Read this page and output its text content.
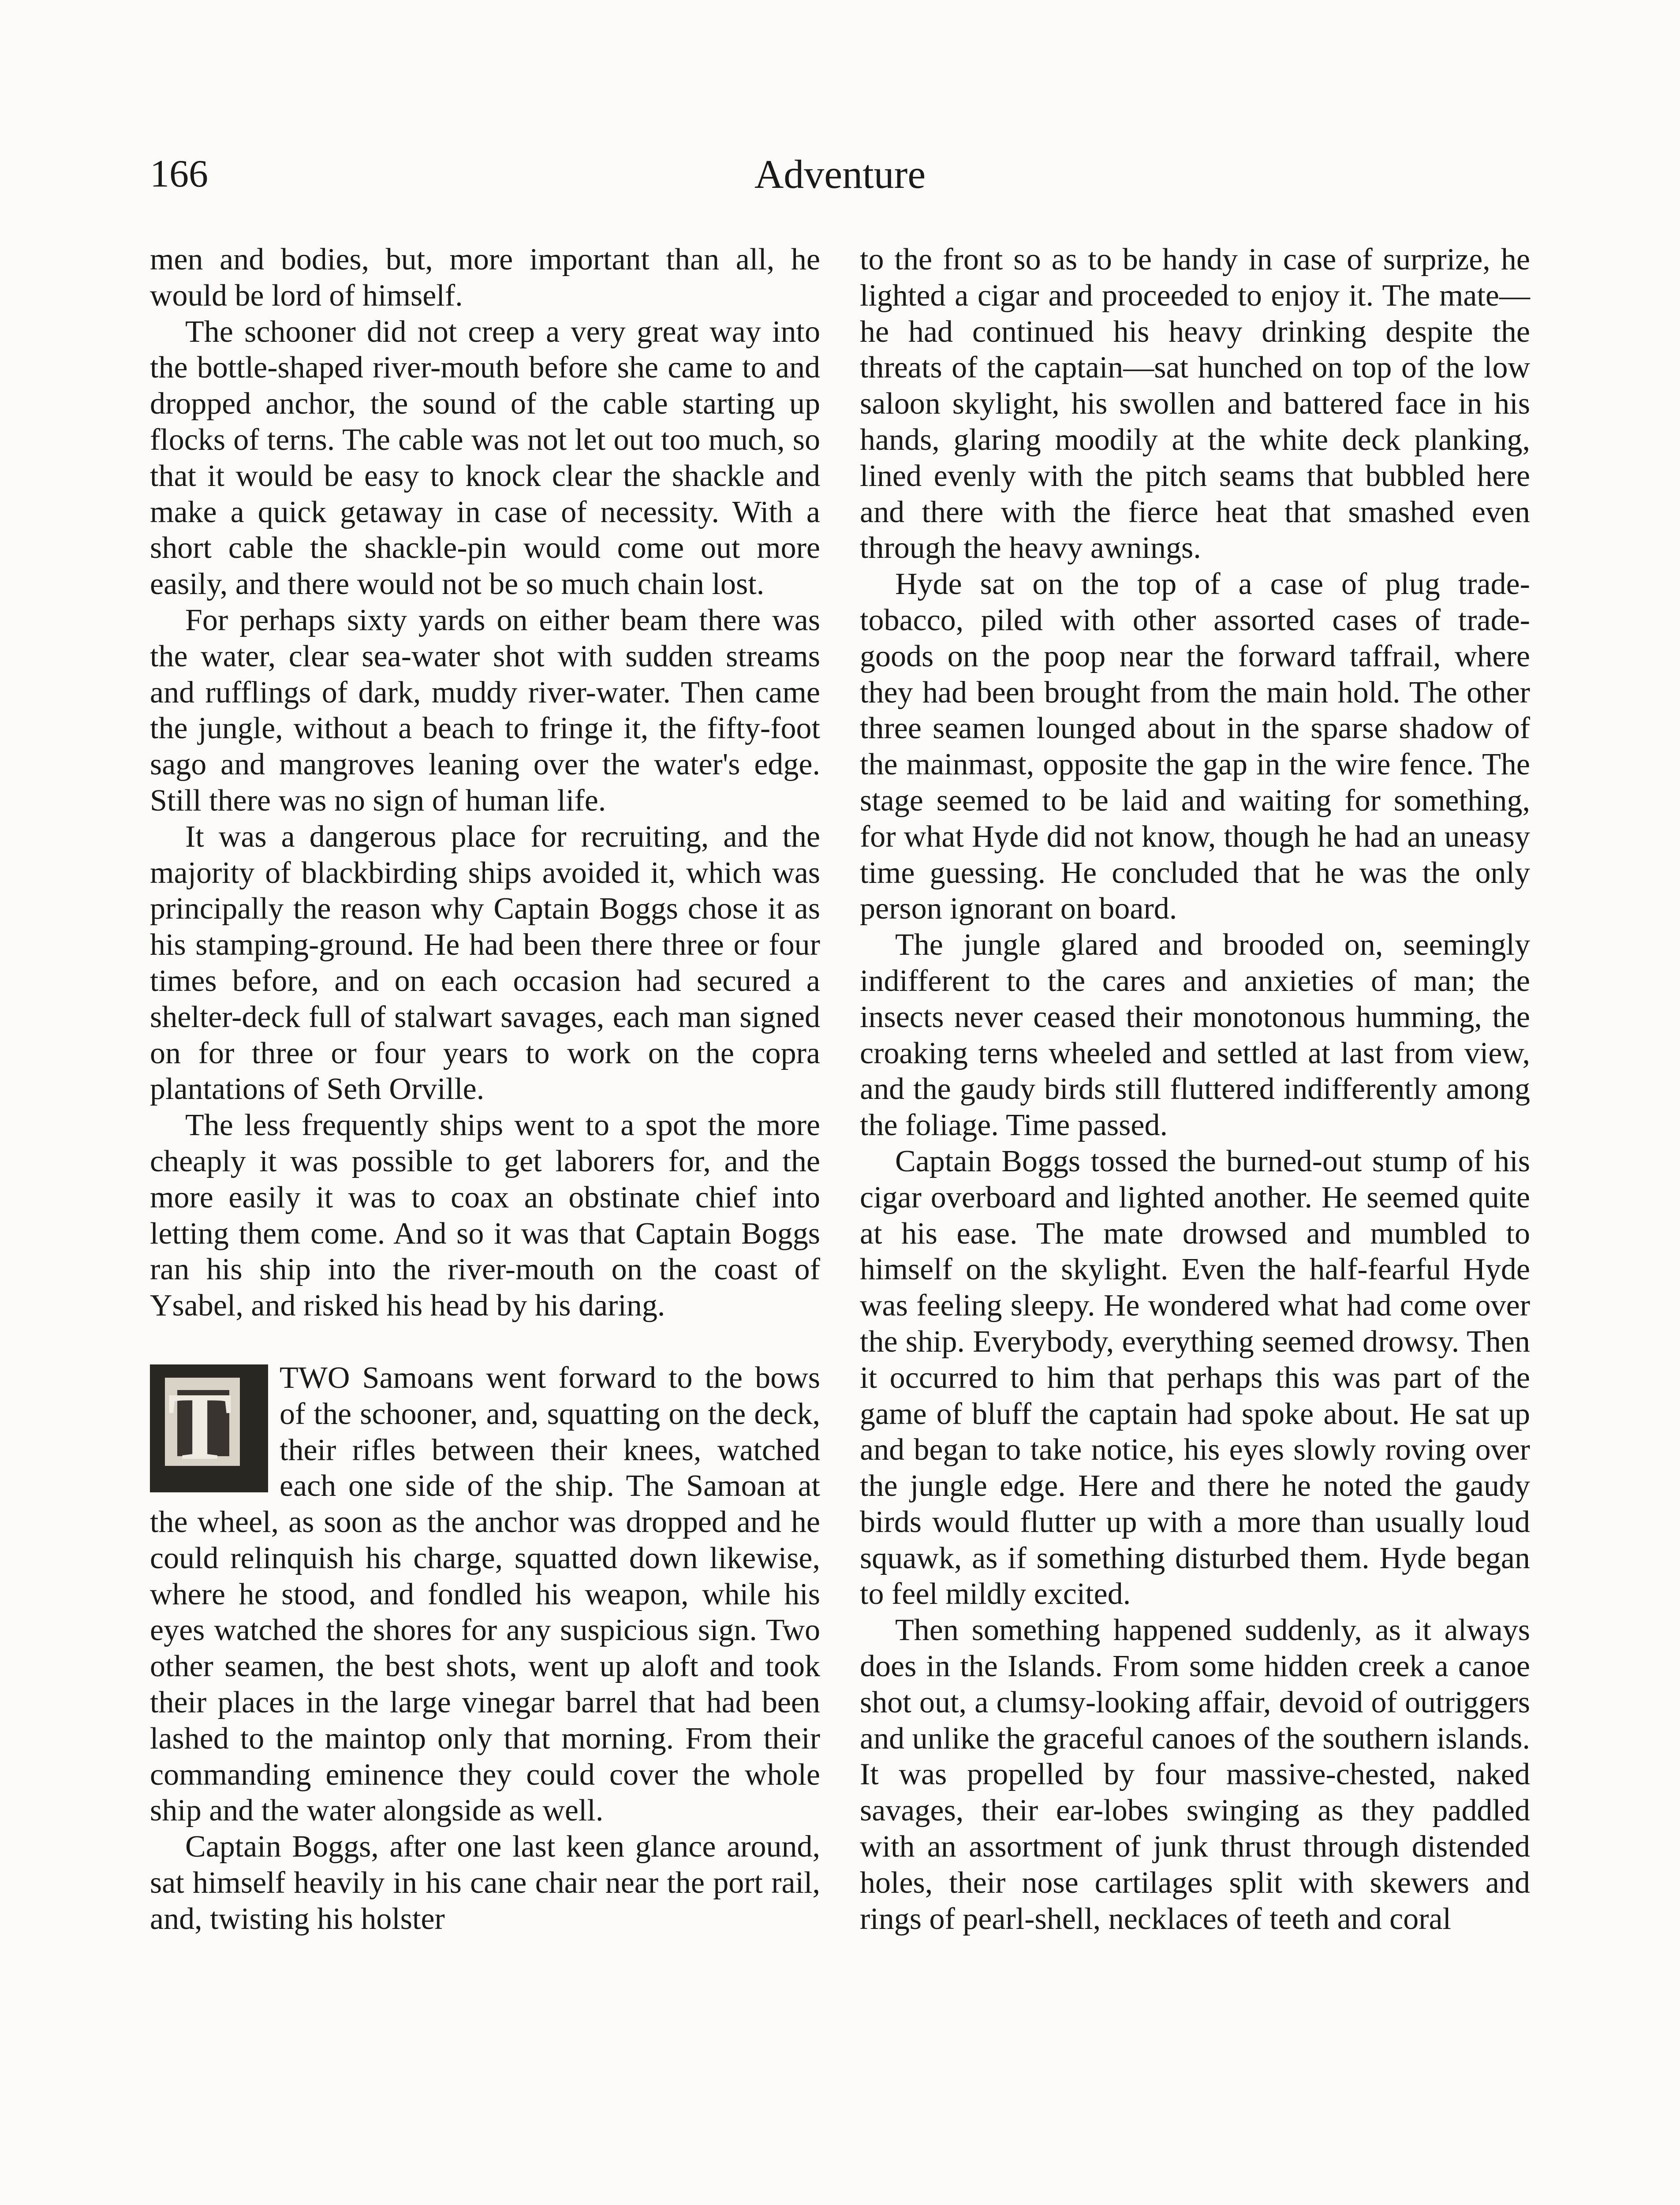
166	Adventure

men and bodies, but, more important than all, he would be lord of himself.

The schooner did not creep a very great way into the bottle-shaped river-mouth before she came to and dropped anchor, the sound of the cable starting up flocks of terns. The cable was not let out too much, so that it would be easy to knock clear the shackle and make a quick getaway in case of necessity. With a short cable the shackle-pin would come out more easily, and there would not be so much chain lost.

For perhaps sixty yards on either beam there was the water, clear sea-water shot with sudden streams and rufflings of dark, muddy river-water. Then came the jungle, without a beach to fringe it, the fifty-foot sago and mangroves leaning over the water's edge. Still there was no sign of human life.

It was a dangerous place for recruiting, and the majority of blackbirding ships avoided it, which was principally the reason why Captain Boggs chose it as his stamping-ground. He had been there three or four times before, and on each occasion had secured a shelter-deck full of stalwart savages, each man signed on for three or four years to work on the copra plantations of Seth Orville.

The less frequently ships went to a spot the more cheaply it was possible to get laborers for, and the more easily it was to coax an obstinate chief into letting them come. And so it was that Captain Boggs ran his ship into the river-mouth on the coast of Ysabel, and risked his head by his daring.

T	TWO Samoans went forward to the bows of the schooner, and, squatting on the deck, their rifles between their knees, watched each one side of the ship. The Samoan at the wheel, as soon as the anchor was dropped and he could relinquish his charge, squatted down likewise, where he stood, and fondled his weapon, while his eyes watched the shores for any suspicious sign. Two other seamen, the best shots, went up aloft and took their places in the large vinegar barrel that had been lashed to the maintop only that morning. From their commanding eminence they could cover the whole ship and the water alongside as well.

Captain Boggs, after one last keen glance around, sat himself heavily in his cane chair near the port rail, and, twisting his holster

to the front so as to be handy in case of surprize, he lighted a cigar and proceeded to enjoy it. The mate—he had continued his heavy drinking despite the threats of the captain—sat hunched on top of the low saloon skylight, his swollen and battered face in his hands, glaring moodily at the white deck planking, lined evenly with the pitch seams that bubbled here and there with the fierce heat that smashed even through the heavy awnings.

Hyde sat on the top of a case of plug trade-tobacco, piled with other assorted cases of trade-goods on the poop near the forward taffrail, where they had been brought from the main hold. The other three seamen lounged about in the sparse shadow of the mainmast, opposite the gap in the wire fence. The stage seemed to be laid and waiting for something, for what Hyde did not know, though he had an uneasy time guessing. He concluded that he was the only person ignorant on board.

The jungle glared and brooded on, seemingly indifferent to the cares and anxieties of man; the insects never ceased their monotonous humming, the croaking terns wheeled and settled at last from view, and the gaudy birds still fluttered indifferently among the foliage. Time passed.

Captain Boggs tossed the burned-out stump of his cigar overboard and lighted another. He seemed quite at his ease. The mate drowsed and mumbled to himself on the skylight. Even the half-fearful Hyde was feeling sleepy. He wondered what had come over the ship. Everybody, everything seemed drowsy. Then it occurred to him that perhaps this was part of the game of bluff the captain had spoke about. He sat up and began to take notice, his eyes slowly roving over the jungle edge. Here and there he noted the gaudy birds would flutter up with a more than usually loud squawk, as if something disturbed them. Hyde began to feel mildly excited.

Then something happened suddenly, as it always does in the Islands. From some hidden creek a canoe shot out, a clumsy-looking affair, devoid of outriggers and unlike the graceful canoes of the southern islands. It was propelled by four massive-chested, naked savages, their ear-lobes swinging as they paddled with an assortment of junk thrust through distended holes, their nose cartilages split with skewers and rings of pearl-shell, necklaces of teeth and coral
